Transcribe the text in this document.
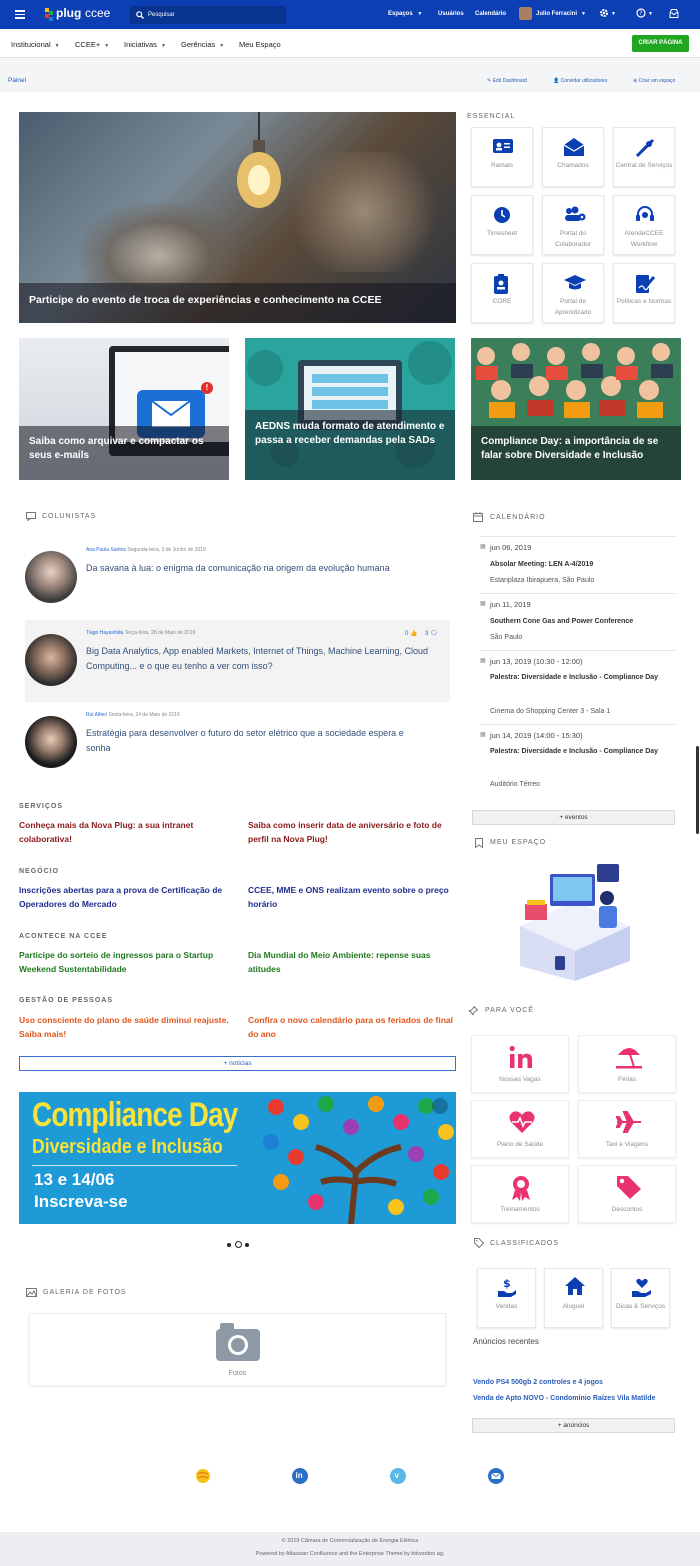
plug ccee	Pesquisar	Espaços ▼	Usuários Calendário	Julio Ferracini ▼	▼	? ▼
Institucional ▼ CCEE+ ▼ Iniciativas ▼ Gerências ▼ Meu Espaço	CRIAR PÁGINA
Painel	✎ Edit Dashboard	👤 Convidar utilizadores	⊕ Criar um espaço
Participe do evento de troca de experiências e conhecimento na CCEE
!
Saiba como arquivar e compactar os seus e-mails
AEDNS muda formato de atendimento e passa a receber demandas pela SADs	Compliance Day: a importância de se falar sobre Diversidade e Inclusão
ESSENCIAL
Ramais	Chamados	Central de Serviços
Timesheet	Portal do Colaborador
AtendeCCEE Workflow
CORE	Portal de Aprendizado
Políticas e Normas
COLUNISTAS
Ana Paula Santos Segunda-feira, 3 de Junho de 2019
Da savana à lua: o enigma da comunicação na origem da evolução humana
Tiago Hayashida Terça-feira, 28 de Maio de 2019
Big Data Analytics, App enabled Markets, Internet of Things, Machine Learning, Cloud Computing... e o que eu tenho a ver com isso?
0 👍 3 🗨
Rui Altieri Sexta-feira, 24 de Maio de 2019
Estratégia para desenvolver o futuro do setor elétrico que a sociedade espera e sonha
CALENDÁRIO
▦ jun 06, 2019
Absolar Meeting: LEN A-4/2019
Estanplaza Ibirapuera, São Paulo
▦ jun 11, 2019
Southern Cone Gas and Power Conference
São Paulo
▦ jun 13, 2019 (10:30 - 12:00)
Palestra: Diversidade e Inclusão - Compliance Day
Cinema do Shopping Center 3 - Sala 1
▦ jun 14, 2019 (14:00 - 15:30)
Palestra: Diversidade e Inclusão - Compliance Day
Auditório Térreo
+ eventos
SERVIÇOS
Conheça mais da Nova Plug: a sua intranet colaborativa!
Saiba como inserir data de aniversário e foto de perfil na Nova Plug!
NEGÓCIO
Inscrições abertas para a prova de Certificação de Operadores do Mercado
CCEE, MME e ONS realizam evento sobre o preço horário
ACONTECE NA CCEE
Participe do sorteio de ingressos para o Startup Weekend Sustentabilidade
Dia Mundial do Meio Ambiente: repense suas atitudes
GESTÃO DE PESSOAS
Uso consciente do plano de saúde diminui reajuste. Saiba mais!
Confira o novo calendário para os feriados de final do ano
+ notícias
MEU ESPAÇO
PARA VOCÊ
Nossas Vagas	Férias
Plano de Saúde	Taxi e Viagens
Treinamentos	Descontos
Compliance Day
Diversidade e Inclusão
13 e 14/06
Inscreva-se
CLASSIFICADOS
$
Vendas	Aluguel	Dicas & Serviços
Anúncios recentes
Vendo PS4 500gb 2 controles e 4 jogos
Venda de Apto NOVO - Condomínio Raízes Vila Matilde
+ anúncios
GALERIA DE FOTOS
Fotos
in	v
© 2019 Câmara de Comercialização de Energia Elétrica
Powered by Atlassian Confluence and the Enterprise Theme by bitvoodoo ag.
